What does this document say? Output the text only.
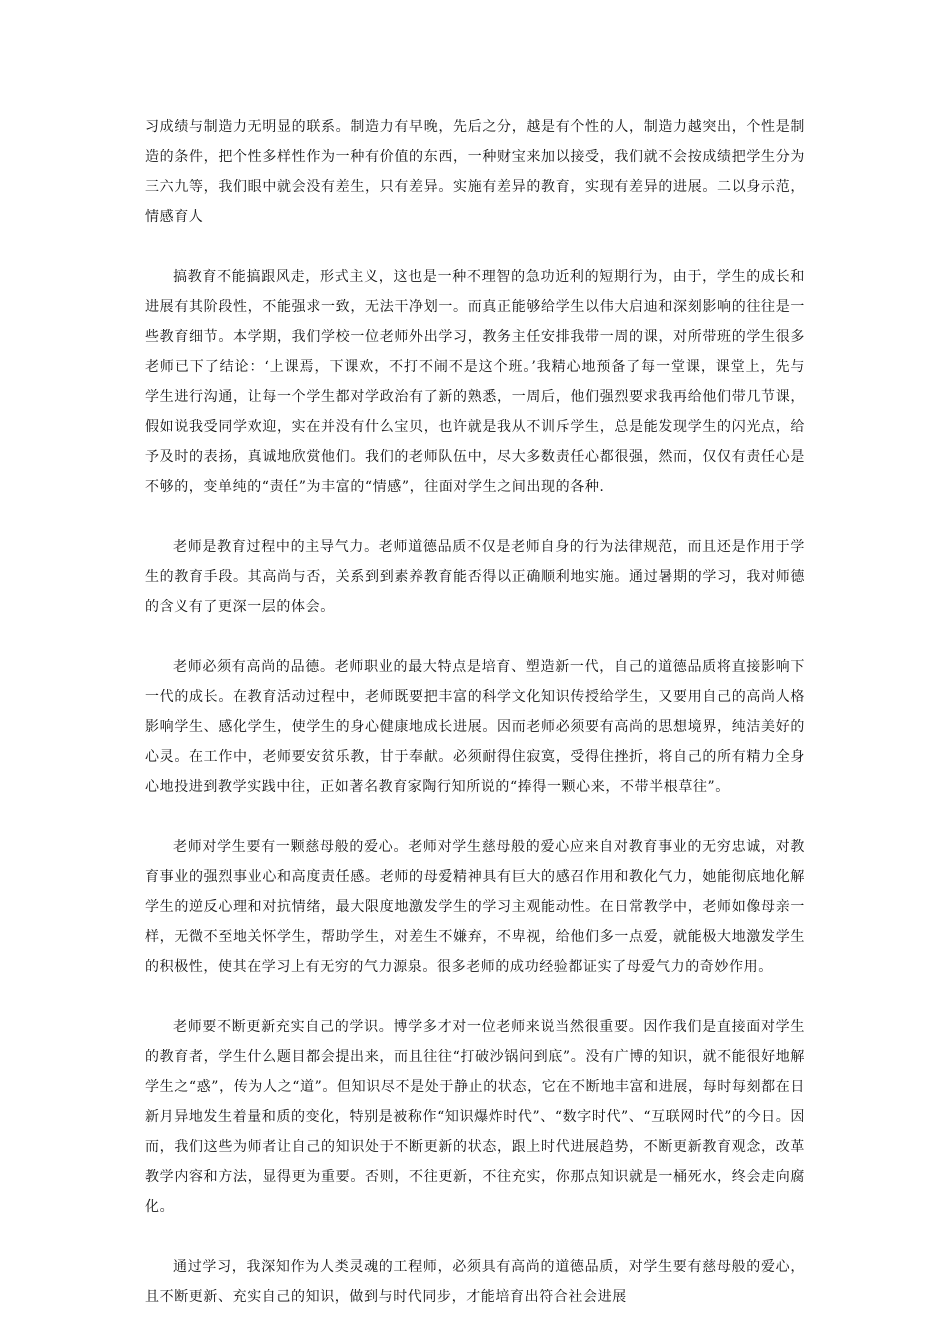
习成绩与制造力无明显的联系。制造力有早晚，先后之分，越是有个性的人，制造力越突出，个性是制造的条件，把个性多样性作为一种有价值的东西，一种财宝来加以接受，我们就不会按成绩把学生分为三六九等，我们眼中就会没有差生，只有差异。实施有差异的教育，实现有差异的进展。二以身示范，情感育人

搞教育不能搞跟风走，形式主义，这也是一种不理智的急功近利的短期行为，由于，学生的成长和进展有其阶段性，不能强求一致，无法干净划一。而真正能够给学生以伟大启迪和深刻影响的往往是一些教育细节。本学期，我们学校一位老师外出学习，教务主任安排我带一周的课，对所带班的学生很多老师已下了结论：‘上课焉，下课欢，不打不闹不是这个班。’我精心地预备了每一堂课，课堂上，先与学生进行沟通，让每一个学生都对学政治有了新的熟悉，一周后，他们强烈要求我再给他们带几节课，假如说我受同学欢迎，实在并没有什么宝贝，也许就是我从不训斥学生，总是能发现学生的闪光点，给予及时的表扬，真诚地欣赏他们。我们的老师队伍中，尽大多数责任心都很强，然而，仅仅有责任心是不够的，变单纯的“责任”为丰富的“情感”，往面对学生之间出现的各种.

老师是教育过程中的主导气力。老师道德品质不仅是老师自身的行为法律规范，而且还是作用于学生的教育手段。其高尚与否，关系到到素养教育能否得以正确顺利地实施。通过暑期的学习，我对师德的含义有了更深一层的体会。

老师必须有高尚的品德。老师职业的最大特点是培育、塑造新一代，自己的道德品质将直接影响下一代的成长。在教育活动过程中，老师既要把丰富的科学文化知识传授给学生，又要用自己的高尚人格影响学生、感化学生，使学生的身心健康地成长进展。因而老师必须要有高尚的思想境界，纯洁美好的心灵。在工作中，老师要安贫乐教，甘于奉献。必须耐得住寂寞，受得住挫折，将自己的所有精力全身心地投进到教学实践中往，正如著名教育家陶行知所说的“捧得一颗心来，不带半根草往”。

老师对学生要有一颗慈母般的爱心。老师对学生慈母般的爱心应来自对教育事业的无穷忠诚，对教育事业的强烈事业心和高度责任感。老师的母爱精神具有巨大的感召作用和教化气力，她能彻底地化解学生的逆反心理和对抗情绪，最大限度地激发学生的学习主观能动性。在日常教学中，老师如像母亲一样，无微不至地关怀学生，帮助学生，对差生不嫌弃，不卑视，给他们多一点爱，就能极大地激发学生的积极性，使其在学习上有无穷的气力源泉。很多老师的成功经验都证实了母爱气力的奇妙作用。

老师要不断更新充实自己的学识。博学多才对一位老师来说当然很重要。因作我们是直接面对学生的教育者，学生什么题目都会提出来，而且往往“打破沙锅问到底”。没有广博的知识，就不能很好地解学生之“惑”，传为人之“道”。但知识尽不是处于静止的状态，它在不断地丰富和进展，每时每刻都在日新月异地发生着量和质的变化，特别是被称作“知识爆炸时代”、“数字时代”、“互联网时代”的今日。因而，我们这些为师者让自己的知识处于不断更新的状态，跟上时代进展趋势，不断更新教育观念，改革教学内容和方法，显得更为重要。否则，不往更新，不往充实，你那点知识就是一桶死水，终会走向腐化。

通过学习，我深知作为人类灵魂的工程师，必须具有高尚的道德品质，对学生要有慈母般的爱心，且不断更新、充实自己的知识，做到与时代同步，才能培育出符合社会进展
